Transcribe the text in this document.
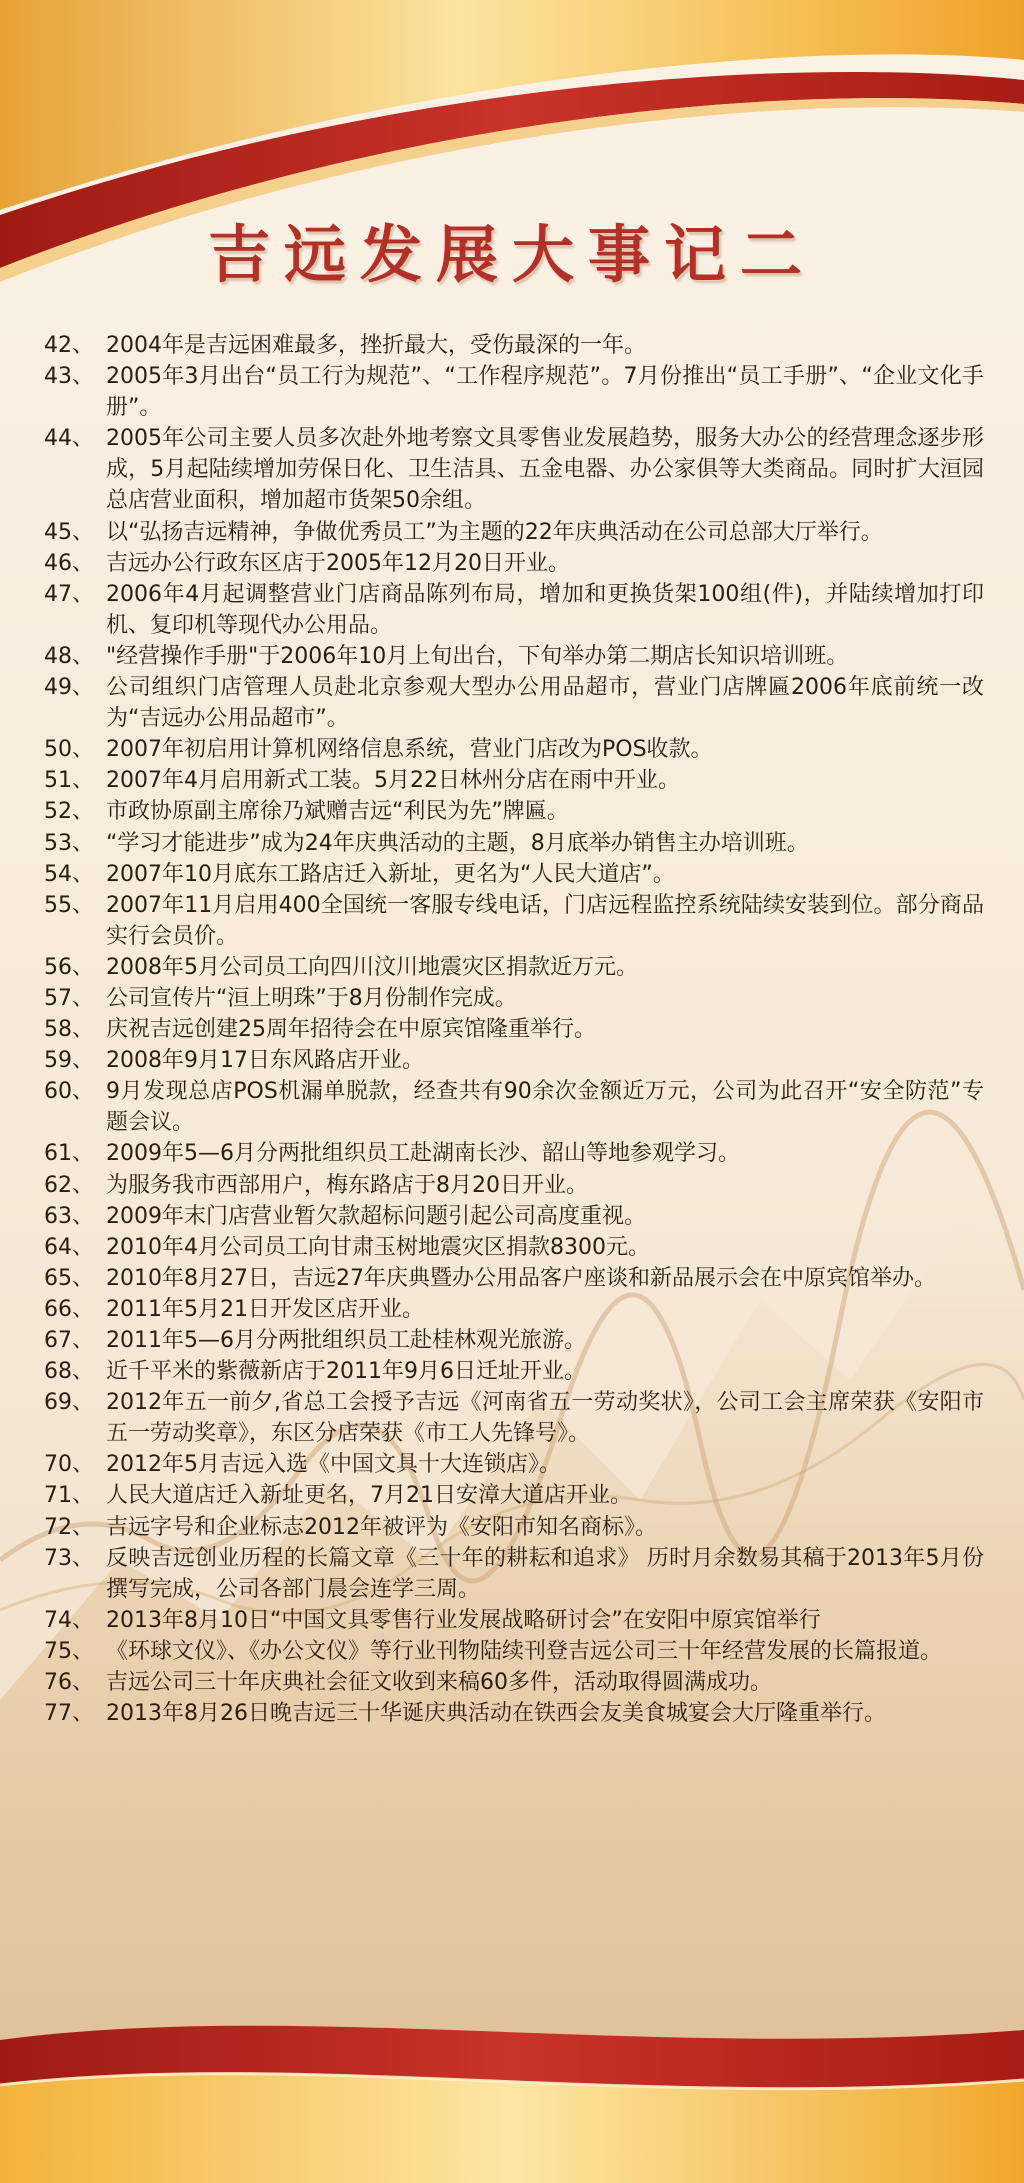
吉远发展大事记二
42、 2004年是吉远困难最多，挫折最大，受伤最深的一年。
43、 2005年3月出台“员工行为规范”、“工作程序规范”。7月份推出“员工手册”、“企业文化手册”。
44、 2005年公司主要人员多次赴外地考察文具零售业发展趋势，服务大办公的经营理念逐步形成，5月起陆续增加劳保日化、卫生洁具、五金电器、办公家俱等大类商品。同时扩大洹园总店营业面积，增加超市货架50余组。
45、 以“弘扬吉远精神，争做优秀员工”为主题的22年庆典活动在公司总部大厅举行。
46、 吉远办公行政东区店于2005年12月20日开业。
47、 2006年4月起调整营业门店商品陈列布局，增加和更换货架100组(件)，并陆续增加打印机、复印机等现代办公用品。
48、 "经营操作手册"于2006年10月上旬出台，下旬举办第二期店长知识培训班。
49、 公司组织门店管理人员赴北京参观大型办公用品超市，营业门店牌匾2006年底前统一改为“吉远办公用品超市”。
50、 2007年初启用计算机网络信息系统，营业门店改为POS收款。
51、 2007年4月启用新式工装。5月22日林州分店在雨中开业。
52、 市政协原副主席徐乃斌赠吉远“利民为先”牌匾。
53、 “学习才能进步”成为24年庆典活动的主题，8月底举办销售主办培训班。
54、 2007年10月底东工路店迁入新址，更名为“人民大道店”。
55、 2007年11月启用400全国统一客服专线电话，门店远程监控系统陆续安装到位。部分商品实行会员价。
56、 2008年5月公司员工向四川汶川地震灾区捐款近万元。
57、 公司宣传片“洹上明珠”于8月份制作完成。
58、 庆祝吉远创建25周年招待会在中原宾馆隆重举行。
59、 2008年9月17日东风路店开业。
60、 9月发现总店POS机漏单脱款，经查共有90余次金额近万元，公司为此召开“安全防范”专题会议。
61、 2009年5—6月分两批组织员工赴湖南长沙、韶山等地参观学习。
62、 为服务我市西部用户，梅东路店于8月20日开业。
63、 2009年末门店营业暂欠款超标问题引起公司高度重视。
64、 2010年4月公司员工向甘肃玉树地震灾区捐款8300元。
65、 2010年8月27日，吉远27年庆典暨办公用品客户座谈和新品展示会在中原宾馆举办。
66、 2011年5月21日开发区店开业。
67、 2011年5—6月分两批组织员工赴桂林观光旅游。
68、 近千平米的紫薇新店于2011年9月6日迁址开业。
69、 2012年五一前夕,省总工会授予吉远《河南省五一劳动奖状》，公司工会主席荣获《安阳市五一劳动奖章》，东区分店荣获《市工人先锋号》。
70、 2012年5月吉远入选《中国文具十大连锁店》。
71、 人民大道店迁入新址更名，7月21日安漳大道店开业。
72、 吉远字号和企业标志2012年被评为《安阳市知名商标》。
73、 反映吉远创业历程的长篇文章《三十年的耕耘和追求》 历时月余数易其稿于2013年5月份撰写完成，公司各部门晨会连学三周。
74、 2013年8月10日“中国文具零售行业发展战略研讨会”在安阳中原宾馆举行
75、 《环球文仪》、《办公文仪》等行业刊物陆续刊登吉远公司三十年经营发展的长篇报道。
76、 吉远公司三十年庆典社会征文收到来稿60多件，活动取得圆满成功。
77、 2013年8月26日晚吉远三十华诞庆典活动在铁西会友美食城宴会大厅隆重举行。
